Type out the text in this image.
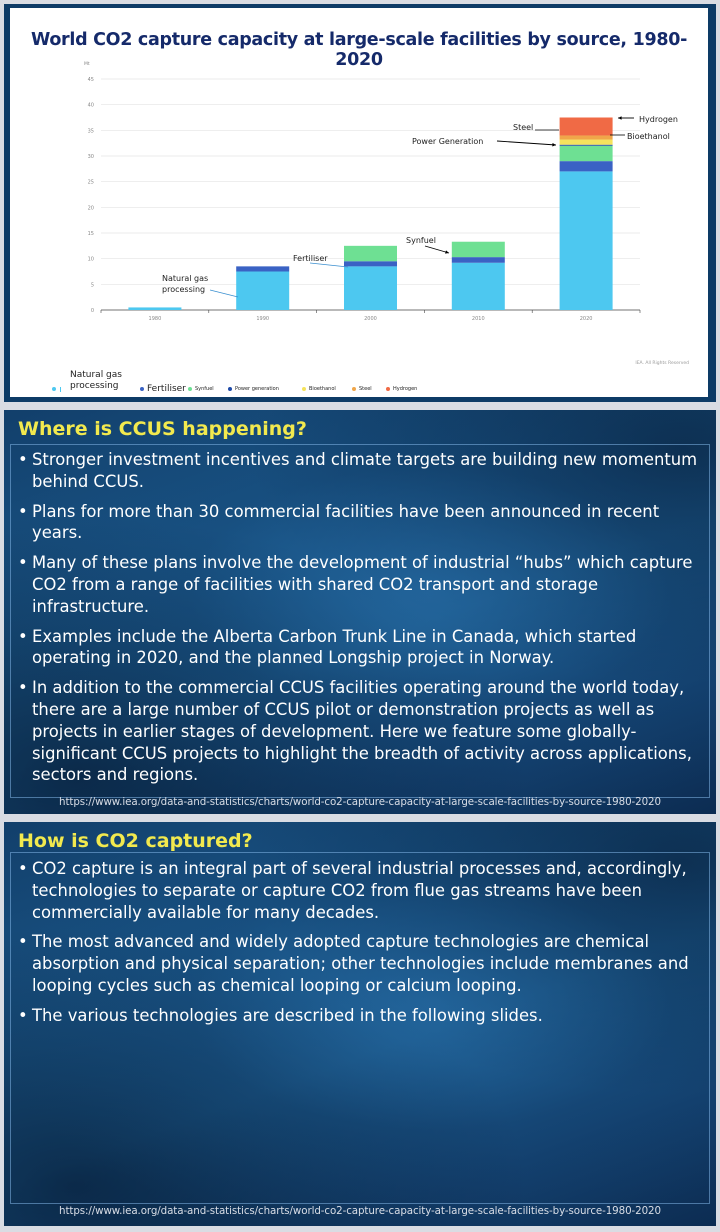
World CO2 capture capacity at large-scale facilities by source, 1980-2020
0
5
10
15
20
25
30
35
40
45
Mt
1980	1990	2000	2010	2020
Natural gas
processing
Fertiliser
Synfuel
Power Generation
Steel
Hydrogen
Bioethanol
IEA. All Rights Reserved
Natural gas
processing	Fertiliser Synfuel	Power generation	Bioethanol	Steel	Hydrogen
Where is CCUS happening?
• Stronger investment incentives and climate targets are building new momentum behind CCUS.
• Plans for more than 30 commercial facilities have been announced in recent years.
• Many of these plans involve the development of industrial “hubs” which capture CO2 from a range of facilities with shared CO2 transport and storage infrastructure.
• Examples include the Alberta Carbon Trunk Line in Canada, which started operating in 2020, and the planned Longship project in Norway.
• In addition to the commercial CCUS facilities operating around the world today, there are a large number of CCUS pilot or demonstration projects as well as projects in earlier stages of development. Here we feature some globally-significant CCUS projects to highlight the breadth of activity across applications, sectors and regions.
https://www.iea.org/data-and-statistics/charts/world-co2-capture-capacity-at-large-scale-facilities-by-source-1980-2020
How is CO2 captured?
• CO2 capture is an integral part of several industrial processes and, accordingly, technologies to separate or capture CO2 from flue gas streams have been commercially available for many decades.
• The most advanced and widely adopted capture technologies are chemical absorption and physical separation; other technologies include membranes and looping cycles such as chemical looping or calcium looping.
• The various technologies are described in the following slides.
https://www.iea.org/data-and-statistics/charts/world-co2-capture-capacity-at-large-scale-facilities-by-source-1980-2020
